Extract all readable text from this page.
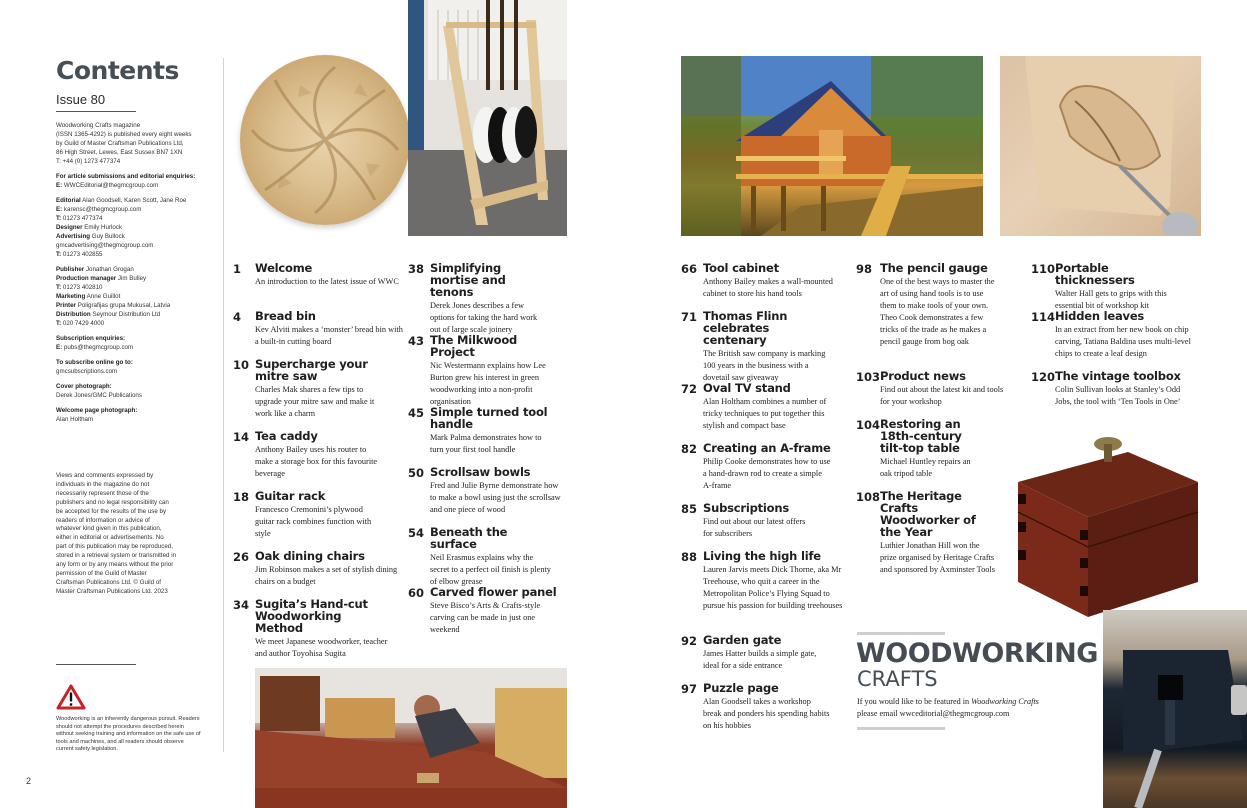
Contents
Issue 80

Woodworking Crafts magazine
(ISSN 1365-4292) is published every eight weeks
by Guild of Master Craftsman Publications Ltd,
86 High Street, Lewes, East Sussex BN7 1XN
T: +44 (0) 1273 477374

For article submissions and editorial enquiries:
E: WWCEditorial@thegmcgroup.com

Editorial Alan Goodsell, Karen Scott, Jane Roe
E: karensc@thegmcgroup.com
T: 01273 477374
Designer Emily Hurlock
Advertising Guy Bullock
gmcadvertising@thegmcgroup.com
T: 01273 402855

Publisher Jonathan Grogan
Production manager Jim Bulley
T: 01273 402810
Marketing Anne Guillot
Printer Poligrafijas grupa Mukusal, Latvia
Distribution Seymour Distribution Ltd
T: 020 7429 4000

Subscription enquiries:
E: pubs@thegmcgroup.com

To subscribe online go to:
gmcsubscriptions.com

Cover photograph:
Derek Jones/GMC Publications

Welcome page photograph:
Alan Holtham

Views and comments expressed by individuals in the magazine do not necessarily represent those of the publishers and no legal responsibility can be accepted for the results of the use by readers of information or advice of whatever kind given in this publication, either in editorial or advertisements. No part of this publication may be reproduced, stored in a retrieval system or transmitted in any form or by any means without the prior permission of the Guild of Master Craftsman Publications Ltd. © Guild of Master Craftsman Publications Ltd. 2023
Woodworking is an inherently dangerous pursuit. Readers should not attempt the procedures described herein without seeking training and information on the safe use of tools and machines, and all readers should observe current safety legislation.
2
1 Welcome
An introduction to the latest issue of WWC
4 Bread bin
Kev Alviti makes a ‘monster’ bread bin with a built-in cutting board
10 Supercharge your mitre saw
Charles Mak shares a few tips to upgrade your mitre saw and make it work like a charm
14 Tea caddy
Anthony Bailey uses his router to make a storage box for this favourite beverage
18 Guitar rack
Francesco Cremonini’s plywood guitar rack combines function with style
26 Oak dining chairs
Jim Robinson makes a set of stylish dining chairs on a budget
34 Sugita’s Hand-cut Woodworking Method
We meet Japanese woodworker, teacher and author Toyohisa Sugita
38 Simplifying mortise and tenons
Derek Jones describes a few options for taking the hard work out of large scale joinery
43 The Milkwood Project
Nic Westermann explains how Lee Burton grew his interest in green woodworking into a non-profit organisation
45 Simple turned tool handle
Mark Palma demonstrates how to turn your first tool handle
50 Scrollsaw bowls
Fred and Julie Byrne demonstrate how to make a bowl using just the scrollsaw and one piece of wood
54 Beneath the surface
Neil Erasmus explains why the secret to a perfect oil finish is plenty of elbow grease
60 Carved flower panel
Steve Bisco’s Arts & Crafts-style carving can be made in just one weekend
66 Tool cabinet
Anthony Bailey makes a wall-mounted cabinet to store his hand tools
71 Thomas Flinn celebrates centenary
The British saw company is marking 100 years in the business with a dovetail saw giveaway
72 Oval TV stand
Alan Holtham combines a number of tricky techniques to put together this stylish and compact base
82 Creating an A-frame
Philip Cooke demonstrates how to use a hand-drawn rod to create a simple A-frame
85 Subscriptions
Find out about our latest offers for subscribers
88 Living the high life
Lauren Jarvis meets Dick Thorne, aka Mr Treehouse, who quit a career in the Metropolitan Police’s Flying Squad to pursue his passion for building treehouses
92 Garden gate
James Hatter builds a simple gate, ideal for a side entrance
97 Puzzle page
Alan Goodsell takes a workshop break and ponders his spending habits on his hobbies
98 The pencil gauge
One of the best ways to master the art of using hand tools is to use them to make tools of your own. Theo Cook demonstrates a few tricks of the trade as he makes a pencil gauge from bog oak
103 Product news
Find out about the latest kit and tools for your workshop
104 Restoring an 18th-century tilt-top table
Michael Huntley repairs an oak tripod table
108 The Heritage Crafts Woodworker of the Year
Luthier Jonathan Hill won the prize organised by Heritage Crafts and sponsored by Axminster Tools
110 Portable thicknessers
Walter Hall gets to grips with this essential bit of workshop kit
114 Hidden leaves
In an extract from her new book on chip carving, Tatiana Baldina uses multi-level chips to create a leaf design
120 The vintage toolbox
Colin Sullivan looks at Stanley’s Odd Jobs, the tool with ‘Ten Tools in One’
WOODWORKING
CRAFTS
If you would like to be featured in Woodworking Crafts
please email wwceditorial@thegmcgroup.com
